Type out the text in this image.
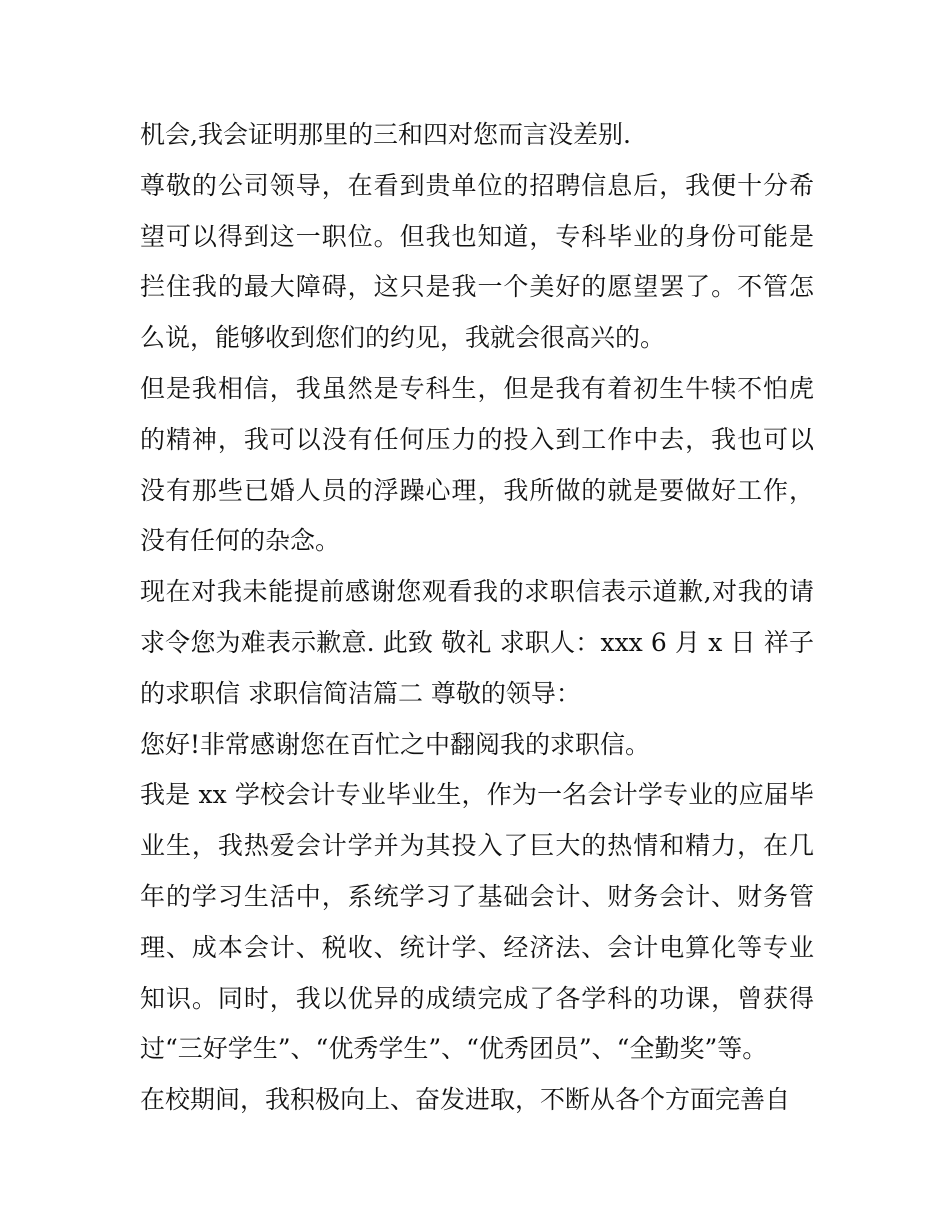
机会,我会证明那里的三和四对您而言没差别.

尊敬的公司领导，在看到贵单位的招聘信息后，我便十分希望可以得到这一职位。但我也知道，专科毕业的身份可能是拦住我的最大障碍，这只是我一个美好的愿望罢了。不管怎么说，能够收到您们的约见，我就会很高兴的。

但是我相信，我虽然是专科生，但是我有着初生牛犊不怕虎的精神，我可以没有任何压力的投入到工作中去，我也可以没有那些已婚人员的浮躁心理，我所做的就是要做好工作，没有任何的杂念。

现在对我未能提前感谢您观看我的求职信表示道歉,对我的请求令您为难表示歉意. 此致 敬礼 求职人：xxx 6 月 x 日 祥子的求职信 求职信简洁篇二 尊敬的领导：

您好!非常感谢您在百忙之中翻阅我的求职信。

我是 xx 学校会计专业毕业生，作为一名会计学专业的应届毕业生，我热爱会计学并为其投入了巨大的热情和精力，在几年的学习生活中，系统学习了基础会计、财务会计、财务管理、成本会计、税收、统计学、经济法、会计电算化等专业知识。同时，我以优异的成绩完成了各学科的功课，曾获得过“三好学生”、“优秀学生”、“优秀团员”、“全勤奖”等。

在校期间，我积极向上、奋发进取，不断从各个方面完善自
